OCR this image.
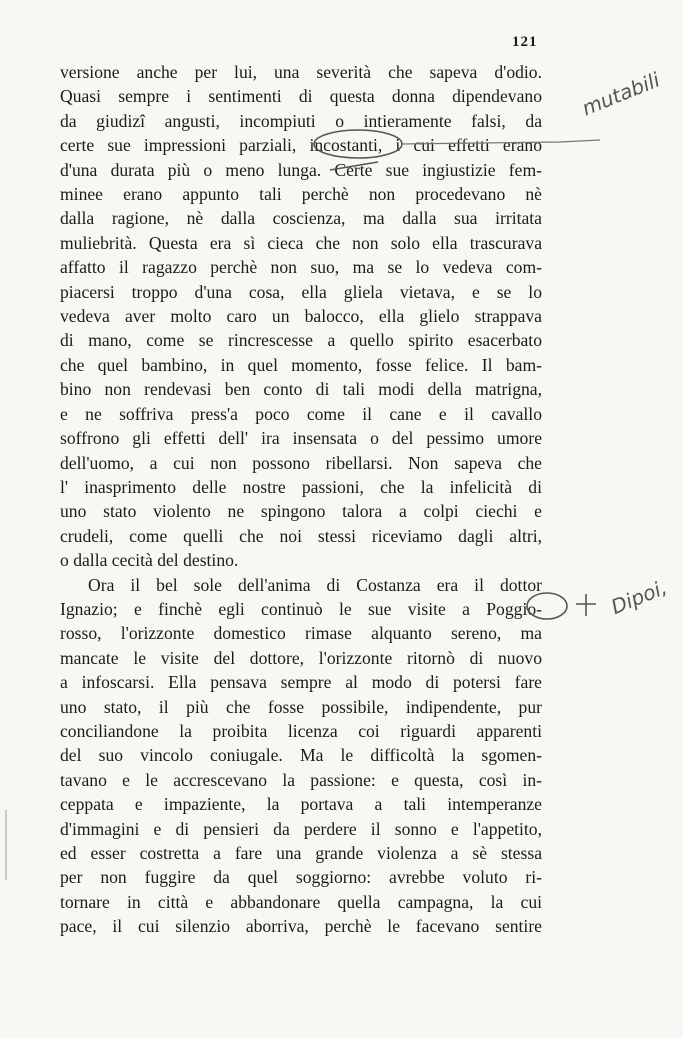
121
versione anche per lui, una severità che sapeva d'odio.
Quasi sempre i sentimenti di questa donna dipendevano
da giudizî angusti, incompiuti o intieramente falsi, da
certe sue impressioni parziali, incostanti, i cui effetti erano
d'una durata più o meno lunga. Certe sue ingiustizie fem-
minee erano appunto tali perchè non procedevano nè
dalla ragione, nè dalla coscienza, ma dalla sua irritata
muliebrità. Questa era sì cieca che non solo ella trascurava
affatto il ragazzo perchè non suo, ma se lo vedeva com-
piacersi troppo d'una cosa, ella gliela vietava, e se lo
vedeva aver molto caro un balocco, ella glielo strappava
di mano, come se rincrescesse a quello spirito esacerbato
che quel bambino, in quel momento, fosse felice. Il bam-
bino non rendevasi ben conto di tali modi della matrigna,
e ne soffriva press'a poco come il cane e il cavallo
soffrono gli effetti dell' ira insensata o del pessimo umore
dell'uomo, a cui non possono ribellarsi. Non sapeva che
l' inasprimento delle nostre passioni, che la infelicità di
uno stato violento ne spingono talora a colpi ciechi e
crudeli, come quelli che noi stessi riceviamo dagli altri,
o dalla cecità del destino.
Ora il bel sole dell'anima di Costanza era il dottor
Ignazio; e finchè egli continuò le sue visite a Poggio-
rosso, l'orizzonte domestico rimase alquanto sereno, ma
mancate le visite del dottore, l'orizzonte ritornò di nuovo
a infoscarsi. Ella pensava sempre al modo di potersi fare
uno stato, il più che fosse possibile, indipendente, pur
conciliandone la proibita licenza coi riguardi apparenti
del suo vincolo coniugale. Ma le difficoltà la sgomen-
tavano e le accrescevano la passione: e questa, così in-
ceppata e impaziente, la portava a tali intemperanze
d'immagini e di pensieri da perdere il sonno e l'appetito,
ed esser costretta a fare una grande violenza a sè stessa
per non fuggire da quel soggiorno: avrebbe voluto ri-
tornare in città e abbandonare quella campagna, la cui
pace, il cui silenzio aborriva, perchè le facevano sentire
mutabili
Dipoi,
